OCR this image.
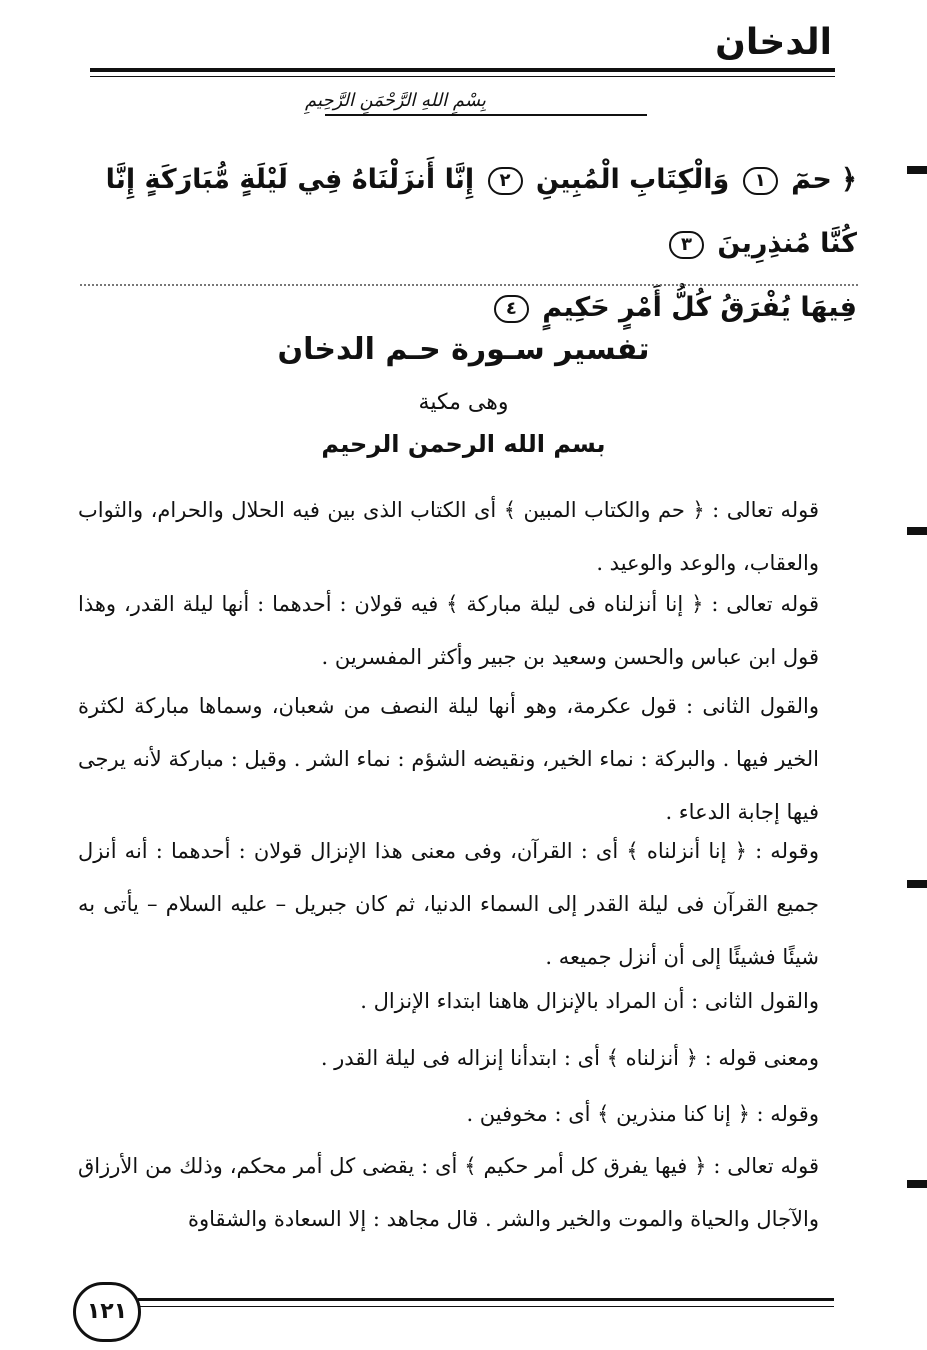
الدخان
بِسْمِ اللهِ الرَّحْمَنِ الرَّحِيمِ
﴿ حمٓ ١ وَالْكِتَابِ الْمُبِينِ ٢ إِنَّا أَنزَلْنَاهُ فِي لَيْلَةٍ مُّبَارَكَةٍ إِنَّا كُنَّا مُنذِرِينَ ٣
فِيهَا يُفْرَقُ كُلُّ أَمْرٍ حَكِيمٍ ٤
تفسير سـورة حـم الدخان
وهى مكية
بسم الله الرحمن الرحيم
قوله تعالى : ﴿ حم والكتاب المبين ﴾ أى الكتاب الذى بين فيه الحلال والحرام، والثواب والعقاب، والوعد والوعيد .
قوله تعالى : ﴿ إنا أنزلناه فى ليلة مباركة ﴾ فيه قولان : أحدهما : أنها ليلة القدر، وهذا قول ابن عباس والحسن وسعيد بن جبير وأكثر المفسرين .
والقول الثانى : قول عكرمة، وهو أنها ليلة النصف من شعبان، وسماها مباركة لكثرة الخير فيها . والبركة : نماء الخير، ونقيضه الشؤم : نماء الشر . وقيل : مباركة لأنه يرجى فيها إجابة الدعاء .
وقوله : ﴿ إنا أنزلناه ﴾ أى : القرآن، وفى معنى هذا الإنزال قولان : أحدهما : أنه أنزل جميع القرآن فى ليلة القدر إلى السماء الدنيا، ثم كان جبريل – عليه السلام – يأتى به شيئًا فشيئًا إلى أن أنزل جميعه .
والقول الثانى : أن المراد بالإنزال هاهنا ابتداء الإنزال .
ومعنى قوله : ﴿ أنزلناه ﴾ أى : ابتدأنا إنزاله فى ليلة القدر .
وقوله : ﴿ إنا كنا منذرين ﴾ أى : مخوفين .
قوله تعالى : ﴿ فيها يفرق كل أمر حكيم ﴾ أى : يقضى كل أمر محكم، وذلك من الأرزاق والآجال والحياة والموت والخير والشر . قال مجاهد : إلا السعادة والشقاوة
١٢١
